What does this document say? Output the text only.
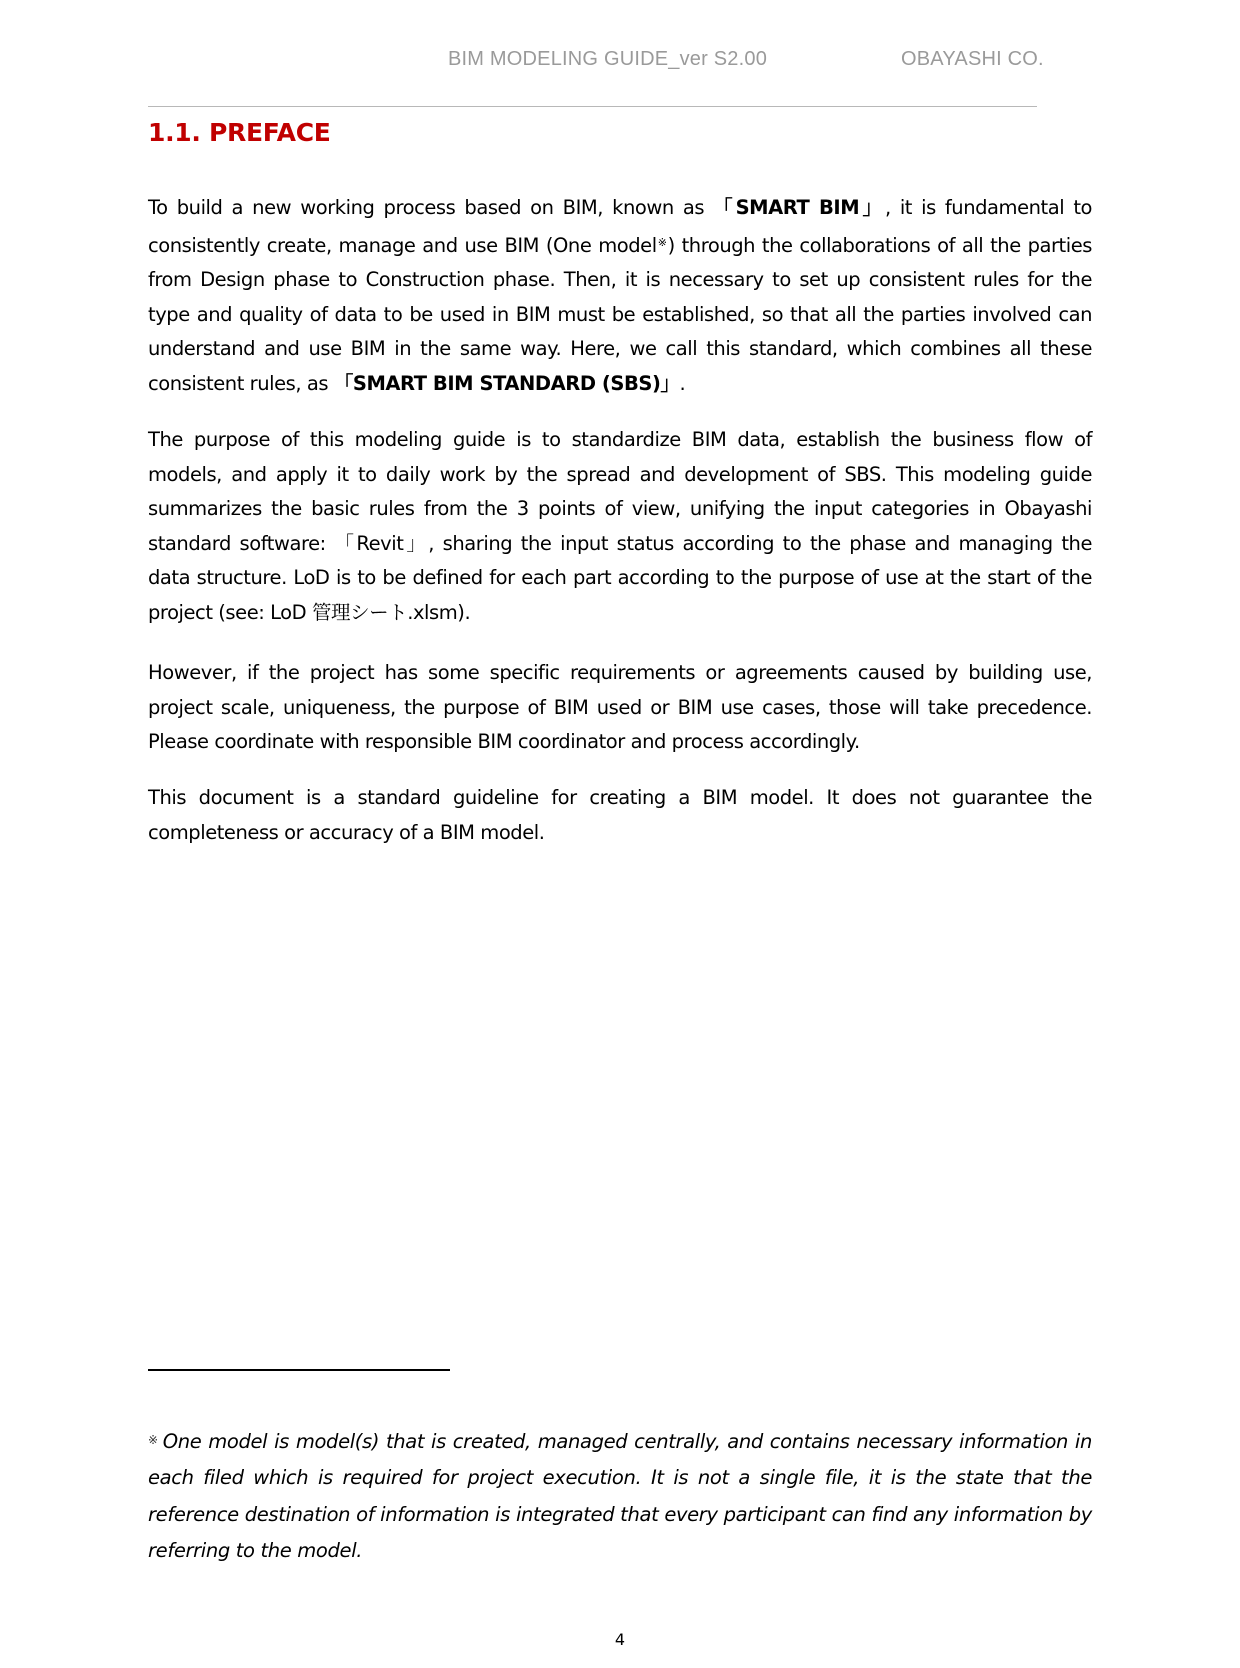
BIM MODELING GUIDE_ver S2.00	OBAYASHI CO.
1.1. PREFACE

To build a new working process based on BIM, known as 「SMART BIM」, it is fundamental to consistently create, manage and use BIM (One model※) through the collaborations of all the parties from Design phase to Construction phase. Then, it is necessary to set up consistent rules for the type and quality of data to be used in BIM must be established, so that all the parties involved can understand and use BIM in the same way. Here, we call this standard, which combines all these consistent rules, as 「SMART BIM STANDARD (SBS)」.

The purpose of this modeling guide is to standardize BIM data, establish the business flow of models, and apply it to daily work by the spread and development of SBS. This modeling guide summarizes the basic rules from the 3 points of view, unifying the input categories in Obayashi standard software: 「Revit」, sharing the input status according to the phase and managing the data structure. LoD is to be defined for each part according to the purpose of use at the start of the project (see: LoD 管理シート.xlsm).

However, if the project has some specific requirements or agreements caused by building use, project scale, uniqueness, the purpose of BIM used or BIM use cases, those will take precedence. Please coordinate with responsible BIM coordinator and process accordingly.

This document is a standard guideline for creating a BIM model. It does not guarantee the completeness or accuracy of a BIM model.

※ One model is model(s) that is created, managed centrally, and contains necessary information in each filed which is required for project execution. It is not a single file, it is the state that the reference destination of information is integrated that every participant can find any information by referring to the model.

4
